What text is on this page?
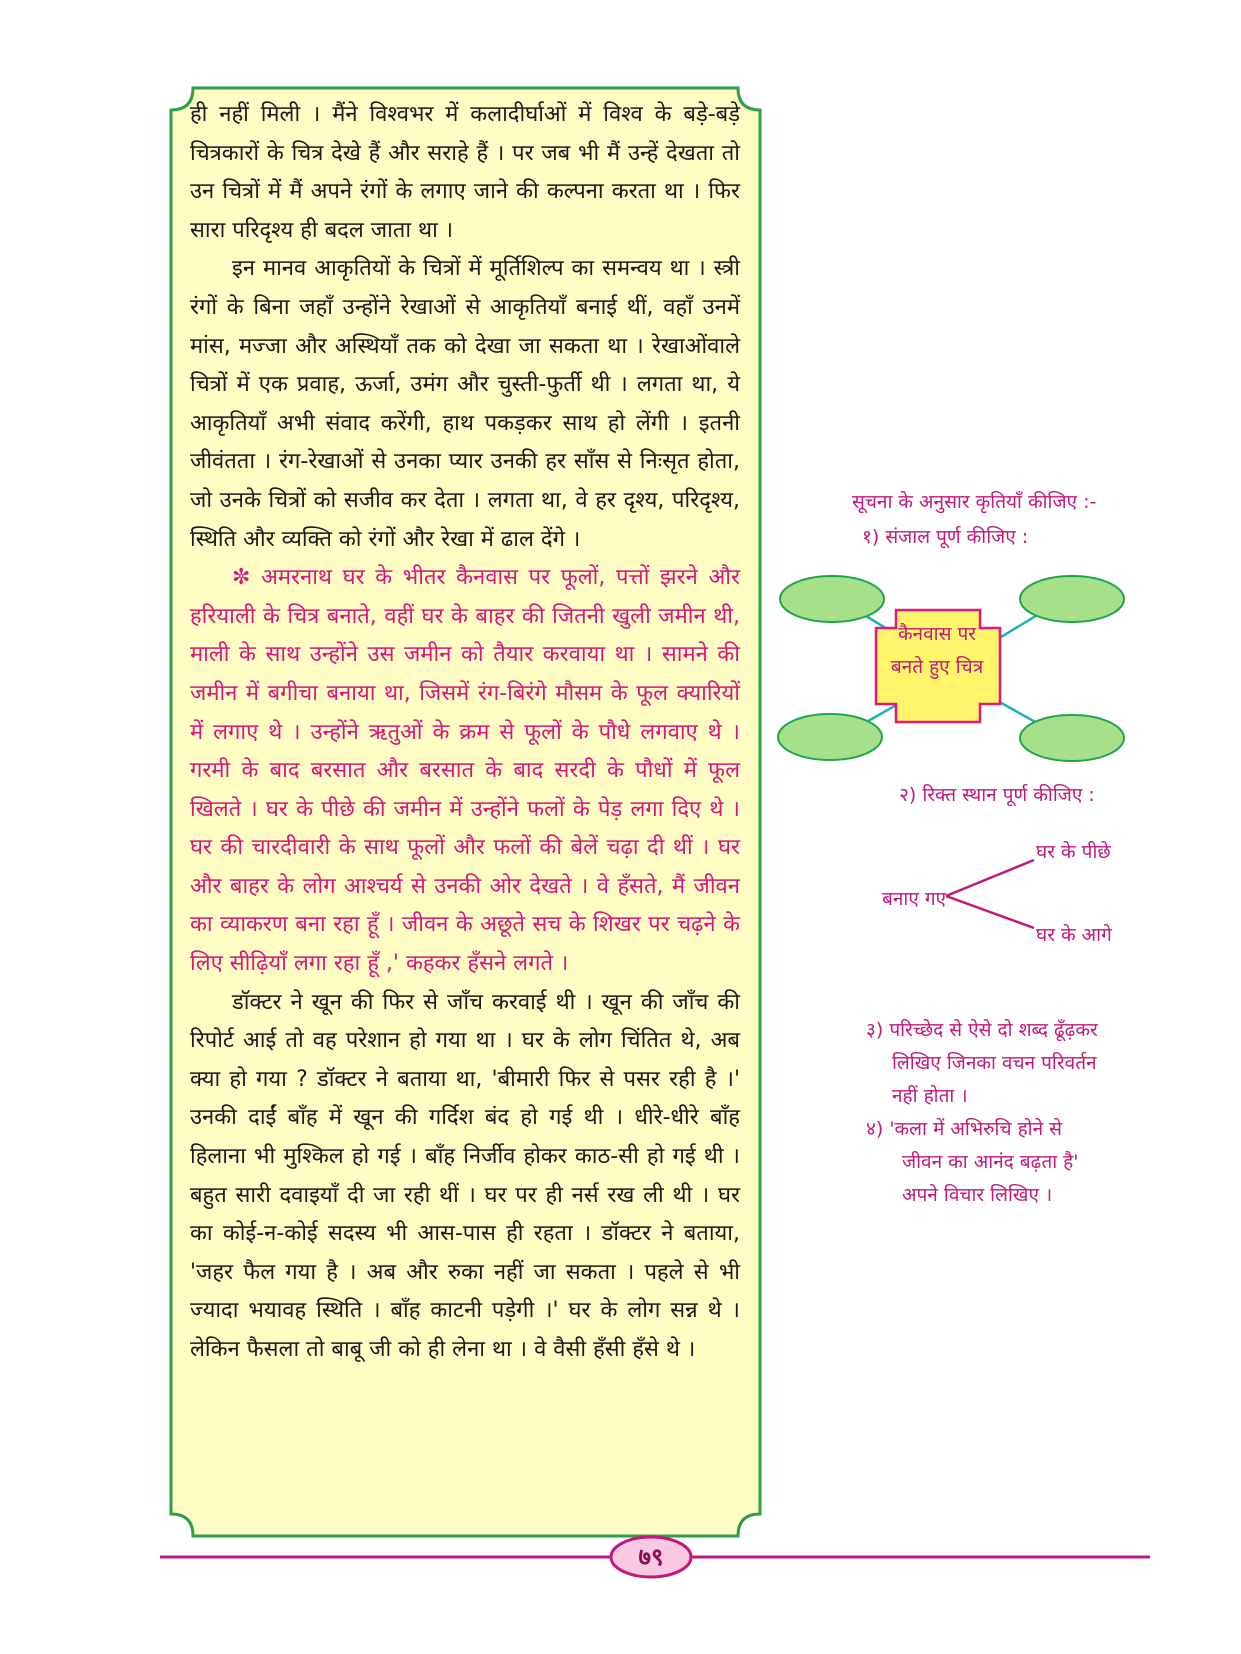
ही नहीं मिली । मैंने विश्वभर में कलादीर्घाओं में विश्व के बड़े-बड़े चित्रकारों के चित्र देखे हैं और सराहे हैं । पर जब भी मैं उन्हें देखता तो उन चित्रों में मैं अपने रंगों के लगाए जाने की कल्पना करता था । फिर सारा परिदृश्य ही बदल जाता था ।

इन मानव आकृतियों के चित्रों में मूर्तिशिल्प का समन्वय था । स्त्री रंगों के बिना जहाँ उन्होंने रेखाओं से आकृतियाँ बनाई थीं, वहाँ उनमें मांस, मज्जा और अस्थियाँ तक को देखा जा सकता था । रेखाओंवाले चित्रों में एक प्रवाह, ऊर्जा, उमंग और चुस्ती-फुर्ती थी । लगता था, ये आकृतियाँ अभी संवाद करेंगी, हाथ पकड़कर साथ हो लेंगी । इतनी जीवंतता । रंग-रेखाओं से उनका प्यार उनकी हर साँस से निःसृत होता, जो उनके चित्रों को सजीव कर देता । लगता था, वे हर दृश्य, परिदृश्य, स्थिति और व्यक्ति को रंगों और रेखा में ढाल देंगे ।

✼ अमरनाथ घर के भीतर कैनवास पर फूलों, पत्तों झरने और हरियाली के चित्र बनाते, वहीं घर के बाहर की जितनी खुली जमीन थी, माली के साथ उन्होंने उस जमीन को तैयार करवाया था । सामने की जमीन में बगीचा बनाया था, जिसमें रंग-बिरंगे मौसम के फूल क्यारियों में लगाए थे । उन्होंने ऋतुओं के क्रम से फूलों के पौधे लगवाए थे । गरमी के बाद बरसात और बरसात के बाद सरदी के पौधों में फूल खिलते । घर के पीछे की जमीन में उन्होंने फलों के पेड़ लगा दिए थे । घर की चारदीवारी के साथ फूलों और फलों की बेलें चढ़ा दी थीं । घर और बाहर के लोग आश्चर्य से उनकी ओर देखते । वे हँसते, मैं जीवन का व्याकरण बना रहा हूँ । जीवन के अछूते सच के शिखर पर चढ़ने के लिए सीढ़ियाँ लगा रहा हूँ ,' कहकर हँसने लगते ।

डॉक्टर ने खून की फिर से जाँच करवाई थी । खून की जाँच की रिपोर्ट आई तो वह परेशान हो गया था । घर के लोग चिंतित थे, अब क्या हो गया ? डॉक्टर ने बताया था, 'बीमारी फिर से पसर रही है ।' उनकी दाईं बाँह में खून की गर्दिश बंद हो गई थी । धीरे-धीरे बाँह हिलाना भी मुश्किल हो गई । बाँह निर्जीव होकर काठ-सी हो गई थी । बहुत सारी दवाइयाँ दी जा रही थीं । घर पर ही नर्स रख ली थी । घर का कोई-न-कोई सदस्य भी आस-पास ही रहता । डॉक्टर ने बताया, 'जहर फैल गया है । अब और रुका नहीं जा सकता । पहले से भी ज्यादा भयावह स्थिति । बाँह काटनी पड़ेगी ।' घर के लोग सन्न थे । लेकिन फैसला तो बाबू जी को ही लेना था । वे वैसी हँसी हँसे थे ।

सूचना के अनुसार कृतियाँ कीजिए :-
१) संजाल पूर्ण कीजिए :
कैनवास पर
बनते हुए चित्र
२) रिक्त स्थान पूर्ण कीजिए :
घर के पीछे
बनाए गए
घर के आगे

३) परिच्छेद से ऐसे दो शब्द ढूँढ़कर

लिखिए जिनका वचन परिवर्तन

नहीं होता ।

४) 'कला में अभिरुचि होने से

जीवन का आनंद बढ़ता है'

अपने विचार लिखिए ।

७९
